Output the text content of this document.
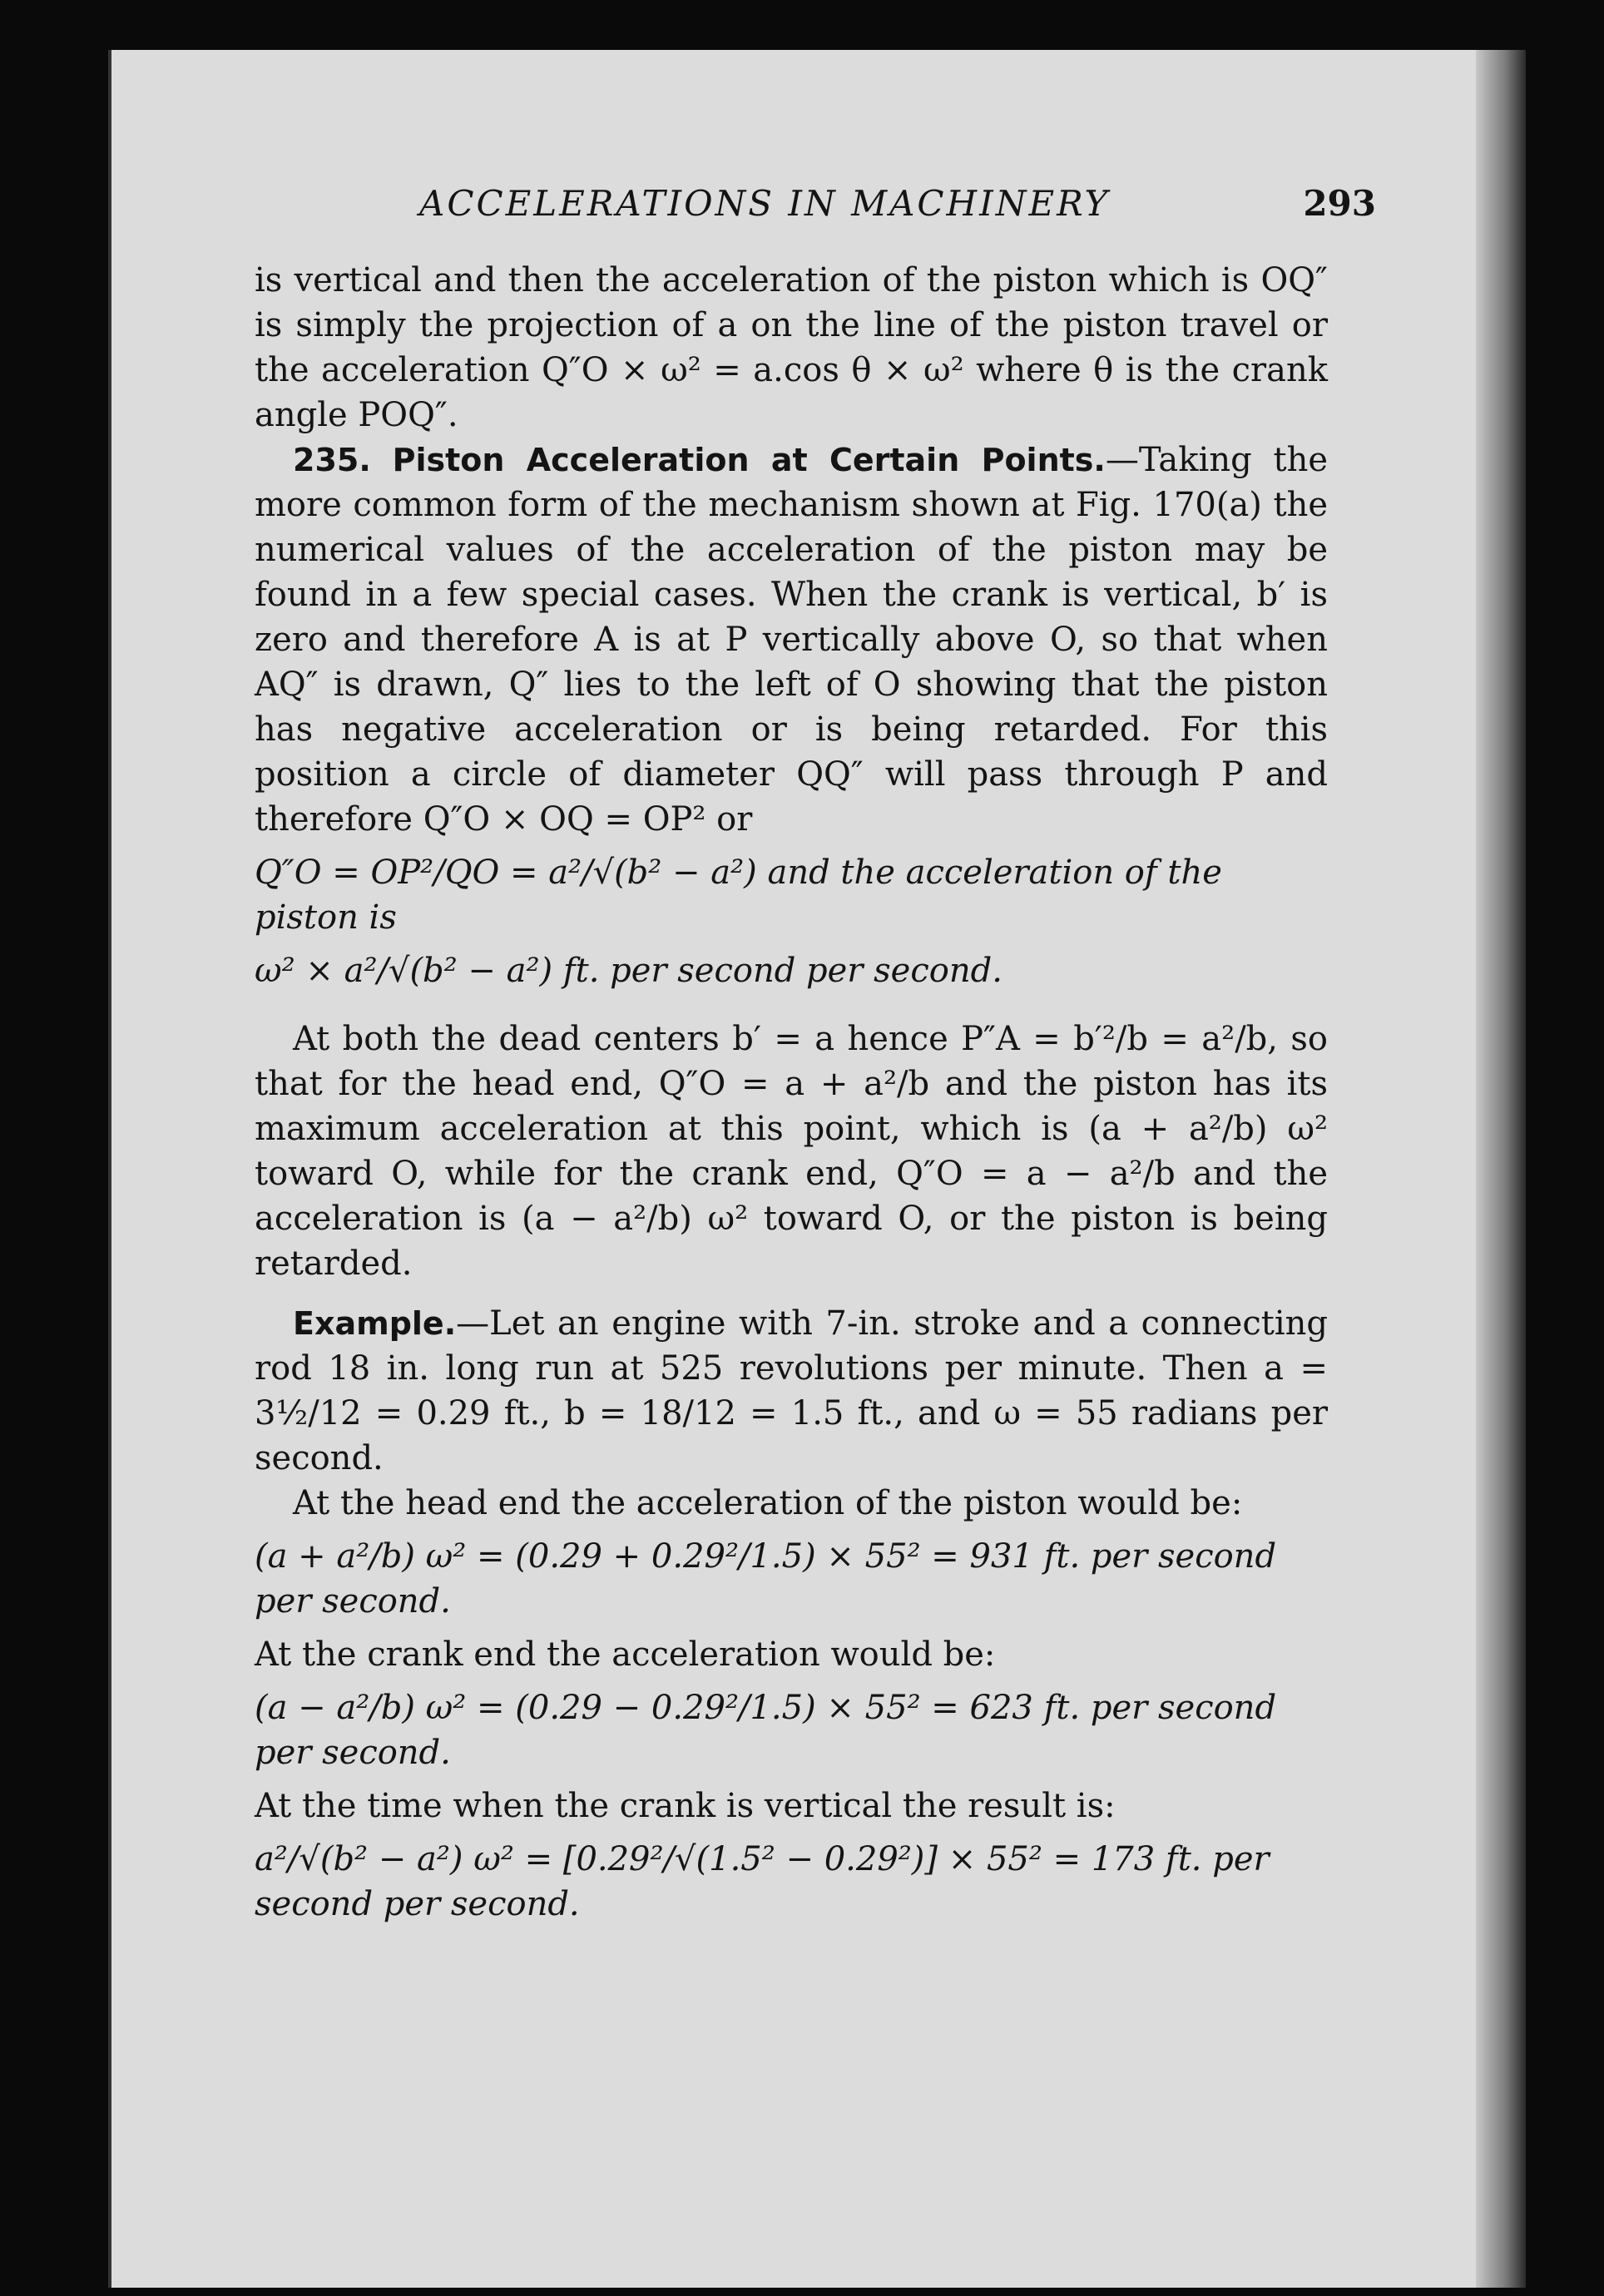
ACCELERATIONS IN MACHINERY	293

is vertical and then the acceleration of the piston which is OQ″ is simply the projection of a on the line of the piston travel or the acceleration Q″O × ω² = a.cos θ × ω² where θ is the crank angle POQ″.

235. Piston Acceleration at Certain Points.—Taking the more common form of the mechanism shown at Fig. 170(a) the numerical values of the acceleration of the piston may be found in a few special cases. When the crank is vertical, b′ is zero and therefore A is at P vertically above O, so that when AQ″ is drawn, Q″ lies to the left of O showing that the piston has negative acceleration or is being retarded. For this position a circle of diameter QQ″ will pass through P and therefore Q″O × OQ = OP² or

Q″O = OP²/QO = a²/√(b² − a²) and the acceleration of the piston is
ω² × a²/√(b² − a²) ft. per second per second.

At both the dead centers b′ = a hence P″A = b′²/b = a²/b, so that for the head end, Q″O = a + a²/b and the piston has its maximum acceleration at this point, which is (a + a²/b) ω² toward O, while for the crank end, Q″O = a − a²/b and the acceleration is (a − a²/b) ω² toward O, or the piston is being retarded.

Example.—Let an engine with 7-in. stroke and a connecting rod 18 in. long run at 525 revolutions per minute. Then a = 3½/12 = 0.29 ft., b = 18/12 = 1.5 ft., and ω = 55 radians per second.

At the head end the acceleration of the piston would be:

(a + a²/b) ω² = (0.29 + 0.29²/1.5) × 55² = 931 ft. per second per second.

At the crank end the acceleration would be:

(a − a²/b) ω² = (0.29 − 0.29²/1.5) × 55² = 623 ft. per second per second.

At the time when the crank is vertical the result is:

a²/√(b² − a²) ω² = [0.29²/√(1.5² − 0.29²)] × 55² = 173 ft. per second per second.
